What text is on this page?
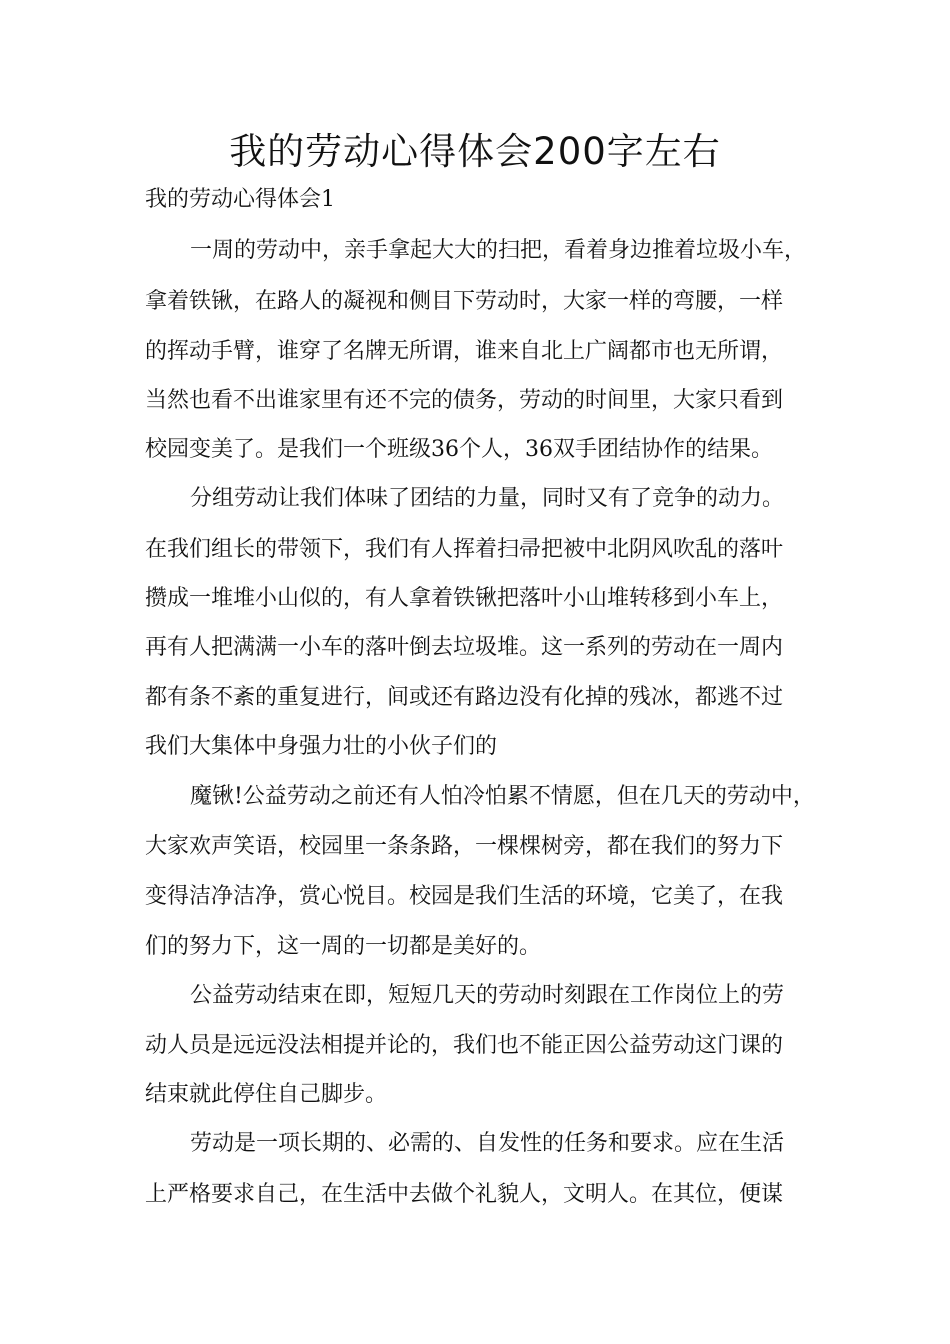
我的劳动心得体会200字左右

我的劳动心得体会1

一周的劳动中，亲手拿起大大的扫把，看着身边推着垃圾小车，

拿着铁锹，在路人的凝视和侧目下劳动时，大家一样的弯腰，一样

的挥动手臂，谁穿了名牌无所谓，谁来自北上广阔都市也无所谓，

当然也看不出谁家里有还不完的债务，劳动的时间里，大家只看到

校园变美了。是我们一个班级36个人，36双手团结协作的结果。

分组劳动让我们体味了团结的力量，同时又有了竞争的动力。

在我们组长的带领下，我们有人挥着扫帚把被中北阴风吹乱的落叶

攒成一堆堆小山似的，有人拿着铁锹把落叶小山堆转移到小车上，

再有人把满满一小车的落叶倒去垃圾堆。这一系列的劳动在一周内

都有条不紊的重复进行，间或还有路边没有化掉的残冰，都逃不过

我们大集体中身强力壮的小伙子们的

魔锹!公益劳动之前还有人怕冷怕累不情愿，但在几天的劳动中，

大家欢声笑语，校园里一条条路，一棵棵树旁，都在我们的努力下

变得洁净洁净，赏心悦目。校园是我们生活的环境，它美了，在我

们的努力下，这一周的一切都是美好的。

公益劳动结束在即，短短几天的劳动时刻跟在工作岗位上的劳

动人员是远远没法相提并论的，我们也不能正因公益劳动这门课的

结束就此停住自己脚步。

劳动是一项长期的、必需的、自发性的任务和要求。应在生活

上严格要求自己，在生活中去做个礼貌人，文明人。在其位，便谋
